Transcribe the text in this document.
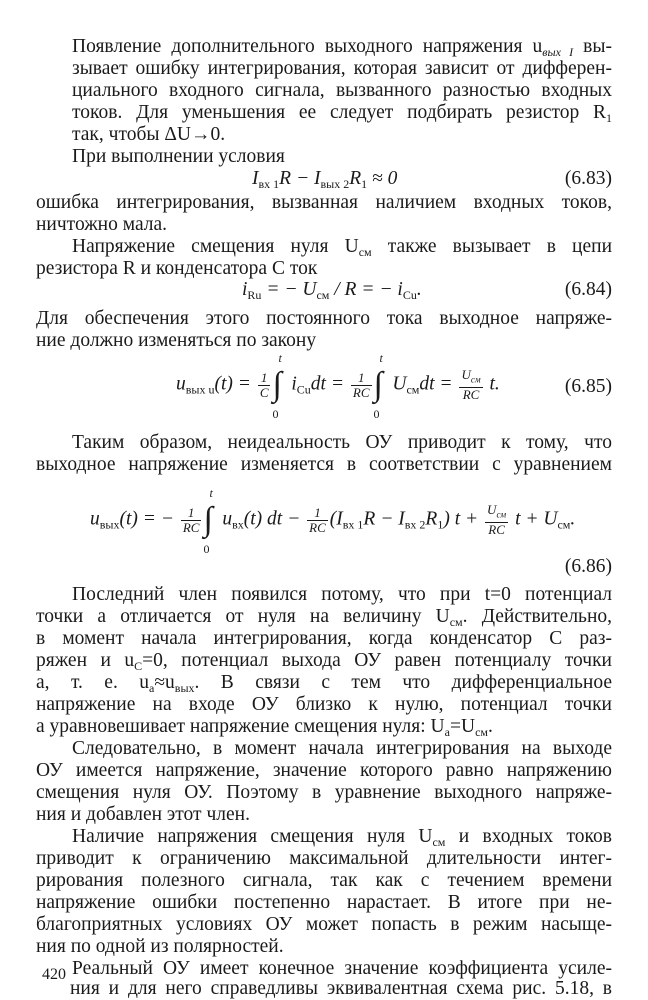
Появление дополнительного выходного напряжения $u_{вых I}$ вы-
зывает ошибку интегрирования, которая зависит от дифферен-
циального входного сигнала, вызванного разностью входных
токов. Для уменьшения ее следует подбирать резистор $R_1$
так, чтобы ΔU→0.
При выполнении условия
$I_{вх 1}R - I_{вых 2}R_1 \approx 0$	(6.83)
ошибка интегрирования, вызванная наличием входных токов,
ничтожно мала.
Напряжение смещения нуля $U_{см}$ также вызывает в цепи
резистора R и конденсатора C ток
$i_{Ru}$ = − $U_{см}$ / R = − $i_{Cu}$.	(6.84)
Для обеспечения этого постоянного тока выходное напряже-
ние должно изменяться по закону
$u_{вых u}(t) = \frac{1}{C}$ ∫
t
0
$i_{Cu}dt = \frac{1}{RC}$ ∫
t
0
$U_{см}dt = \frac{U_{см}}{RC} t$.	(6.85)
Таким образом, неидеальность ОУ приводит к тому, что
выходное напряжение изменяется в соответствии с уравнением
$u_{вых}(t)$ = − $\frac{1}{RC}$ ∫
t
0
$u_{вх}(t)$ dt − $\frac{1}{RC} (I_{вх 1}R - I_{вх 2}R_1) t + \frac{U_{см}}{RC}$ $t + U_{см}$.
(6.86)
Последний член появился потому, что при t=0 потенциал
точки a отличается от нуля на величину $U_{см}$. Действительно,
в момент начала интегрирования, когда конденсатор C раз-
ряжен и $u_C=0$, потенциал выхода ОУ равен потенциалу точки
a, т. е. $u_a\approx u_{вых}$. В связи с тем что дифференциальное
напряжение на входе ОУ близко к нулю, потенциал точки
a уравновешивает напряжение смещения нуля: $U_a=U_{см}$.
Следовательно, в момент начала интегрирования на выходе
ОУ имеется напряжение, значение которого равно напряжению
смещения нуля ОУ. Поэтому в уравнение выходного напряже-
ния и добавлен этот член.
Наличие напряжения смещения нуля $U_{см}$ и входных токов
приводит к ограничению максимальной длительности интег-
рирования полезного сигнала, так как с течением времени
напряжение ошибки постепенно нарастает. В итоге при не-
благоприятных условиях ОУ может попасть в режим насыще-
ния по одной из полярностей.
Реальный ОУ имеет конечное значение коэффициента усиле-
ния и для него справедливы эквивалентная схема рис. 5.18, в
420
